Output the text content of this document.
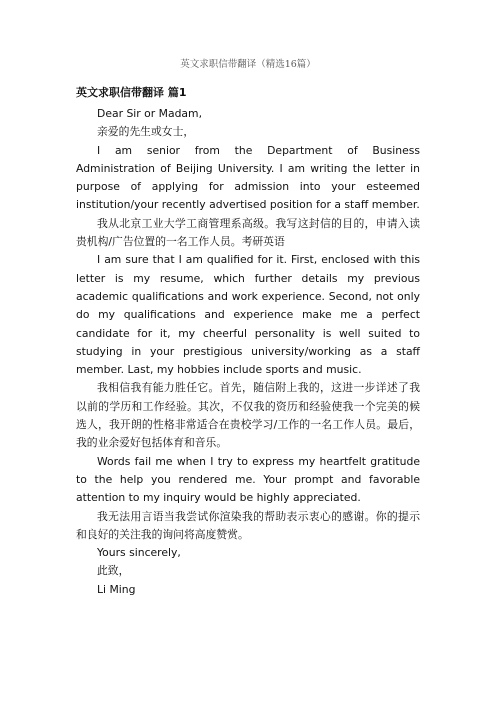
英文求职信带翻译（精选16篇）
英文求职信带翻译 篇1

Dear Sir or Madam,

亲爱的先生或女士，

I am senior from the Department of Business Administration of Beijing University. I am writing the letter in purpose of applying for admission into your esteemed institution/your recently advertised position for a staff member.

我从北京工业大学工商管理系高级。我写这封信的目的，申请入读贵机构/广告位置的一名工作人员。考研英语

I am sure that I am qualified for it. First, enclosed with this letter is my resume, which further details my previous academic qualifications and work experience. Second, not only do my qualifications and experience make me a perfect candidate for it, my cheerful personality is well suited to studying in your prestigious university/working as a staff member. Last, my hobbies include sports and music.

我相信我有能力胜任它。首先，随信附上我的，这进一步详述了我以前的学历和工作经验。其次，不仅我的资历和经验使我一个完美的候选人，我开朗的性格非常适合在贵校学习/工作的一名工作人员。最后，我的业余爱好包括体育和音乐。

Words fail me when I try to express my heartfelt gratitude to the help you rendered me. Your prompt and favorable attention to my inquiry would be highly appreciated.

我无法用言语当我尝试你渲染我的帮助表示衷心的感谢。你的提示和良好的关注我的询问将高度赞赏。

Yours sincerely,

此致，

Li Ming
